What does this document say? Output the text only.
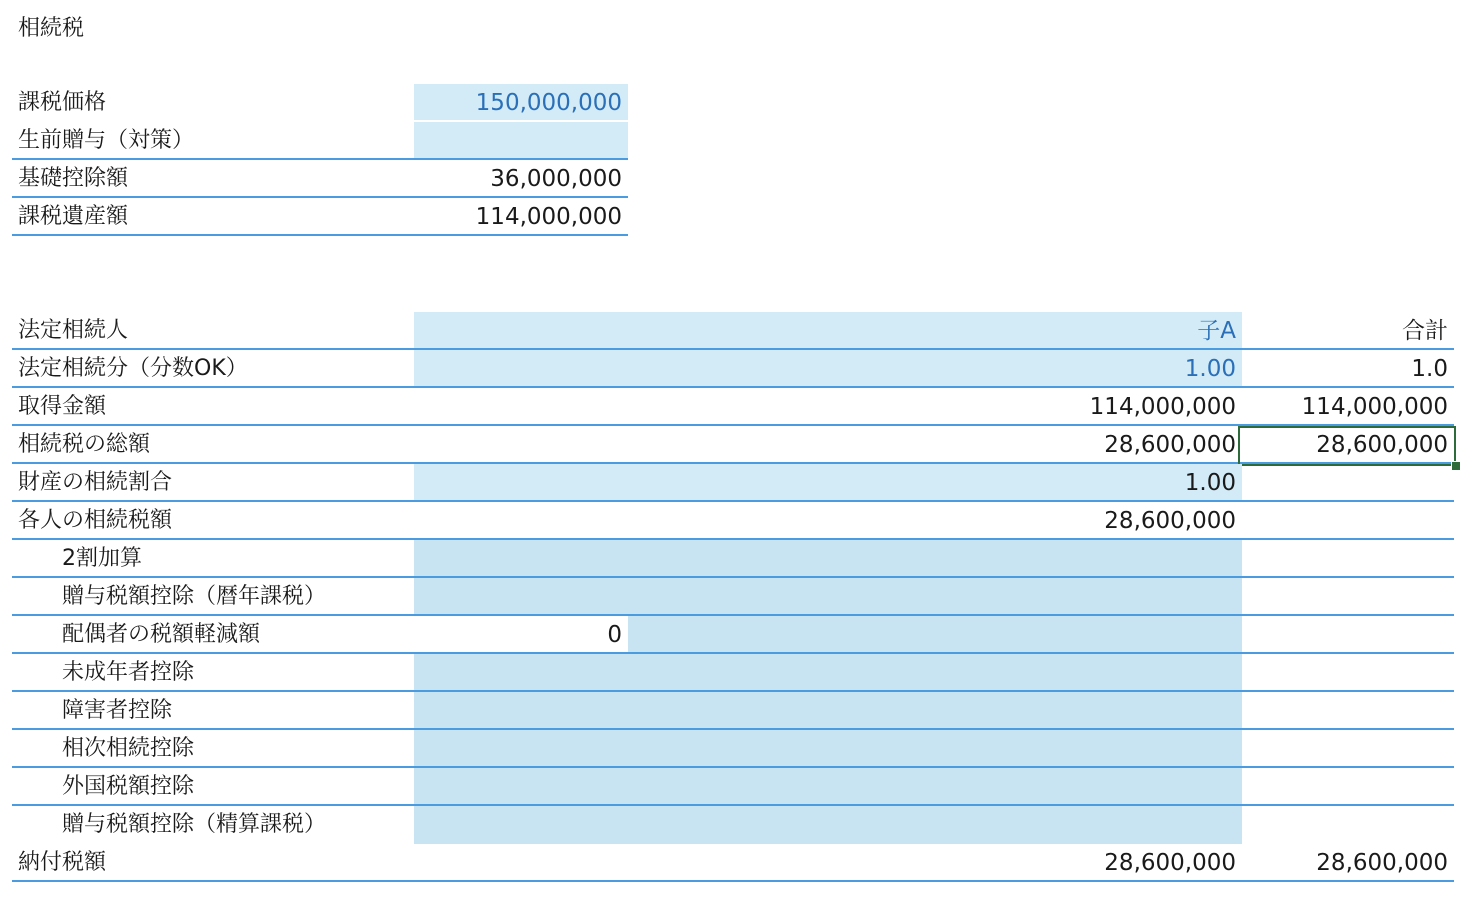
相続税
課税価格	150,000,000
生前贈与（対策）
基礎控除額	36,000,000
課税遺産額	114,000,000
法定相続人	子A	合計
法定相続分（分数OK）	1.00	1.0
取得金額	114,000,000	114,000,000
相続税の総額	28,600,000	28,600,000
財産の相続割合	1.00
各人の相続税額	28,600,000
2割加算
贈与税額控除（暦年課税）
配偶者の税額軽減額	0
未成年者控除
障害者控除
相次相続控除
外国税額控除
贈与税額控除（精算課税）
納付税額	28,600,000	28,600,000
